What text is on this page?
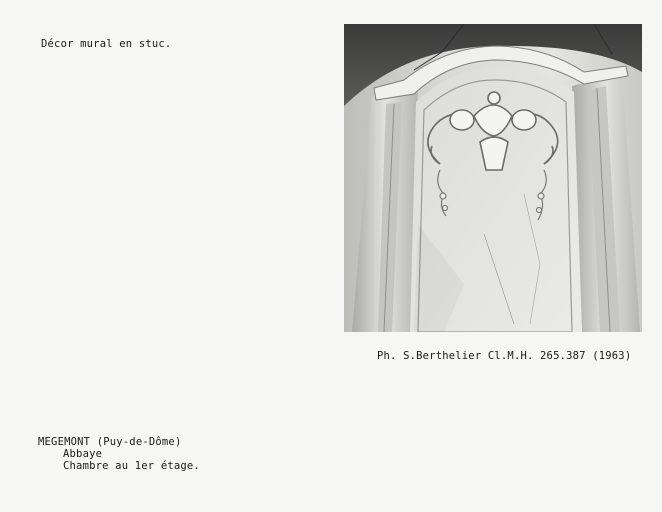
Décor mural en stuc.
Ph. S.Berthelier Cl.M.H. 265.387 (1963)
MEGEMONT (Puy-de-Dôme)
Abbaye
Chambre au 1er étage.
